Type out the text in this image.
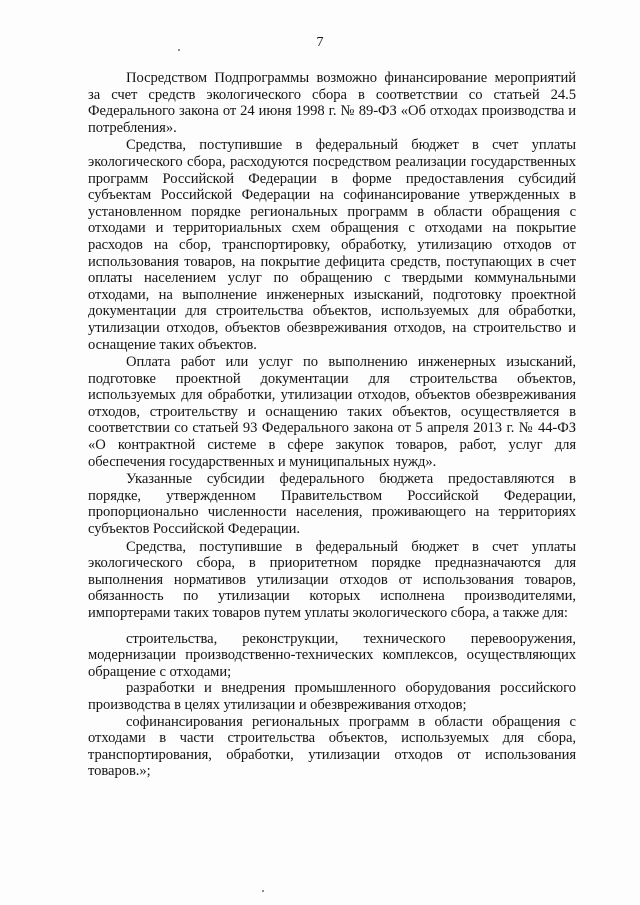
7

Посредством Подпрограммы возможно финансирование мероприятий за счет средств экологического сбора в соответствии со статьей 24.5 Федерального закона от 24 июня 1998 г. № 89-ФЗ «Об отходах производства и потребления».

Средства, поступившие в федеральный бюджет в счет уплаты экологического сбора, расходуются посредством реализации государственных программ Российской Федерации в форме предоставления субсидий субъектам Российской Федерации на софинансирование утвержденных в установленном порядке региональных программ в области обращения с отходами и территориальных схем обращения с отходами на покрытие расходов на сбор, транспортировку, обработку, утилизацию отходов от использования товаров, на покрытие дефицита средств, поступающих в счет оплаты населением услуг по обращению с твердыми коммунальными отходами, на выполнение инженерных изысканий, подготовку проектной документации для строительства объектов, используемых для обработки, утилизации отходов, объектов обезвреживания отходов, на строительство и оснащение таких объектов.

Оплата работ или услуг по выполнению инженерных изысканий, подготовке проектной документации для строительства объектов, используемых для обработки, утилизации отходов, объектов обезвреживания отходов, строительству и оснащению таких объектов, осуществляется в соответствии со статьей 93 Федерального закона от 5 апреля 2013 г. № 44-ФЗ «О контрактной системе в сфере закупок товаров, работ, услуг для обеспечения государственных и муниципальных нужд».

Указанные субсидии федерального бюджета предоставляются в порядке, утвержденном Правительством Российской Федерации, пропорционально численности населения, проживающего на территориях субъектов Российской Федерации.

Средства, поступившие в федеральный бюджет в счет уплаты экологического сбора, в приоритетном порядке предназначаются для выполнения нормативов утилизации отходов от использования товаров, обязанность по утилизации которых исполнена производителями, импортерами таких товаров путем уплаты экологического сбора, а также для:

строительства, реконструкции, технического перевооружения, модернизации производственно-технических комплексов, осуществляющих обращение с отходами;

разработки и внедрения промышленного оборудования российского производства в целях утилизации и обезвреживания отходов;

софинансирования региональных программ в области обращения с отходами в части строительства объектов, используемых для сбора, транспортирования, обработки, утилизации отходов от использования товаров.»;
